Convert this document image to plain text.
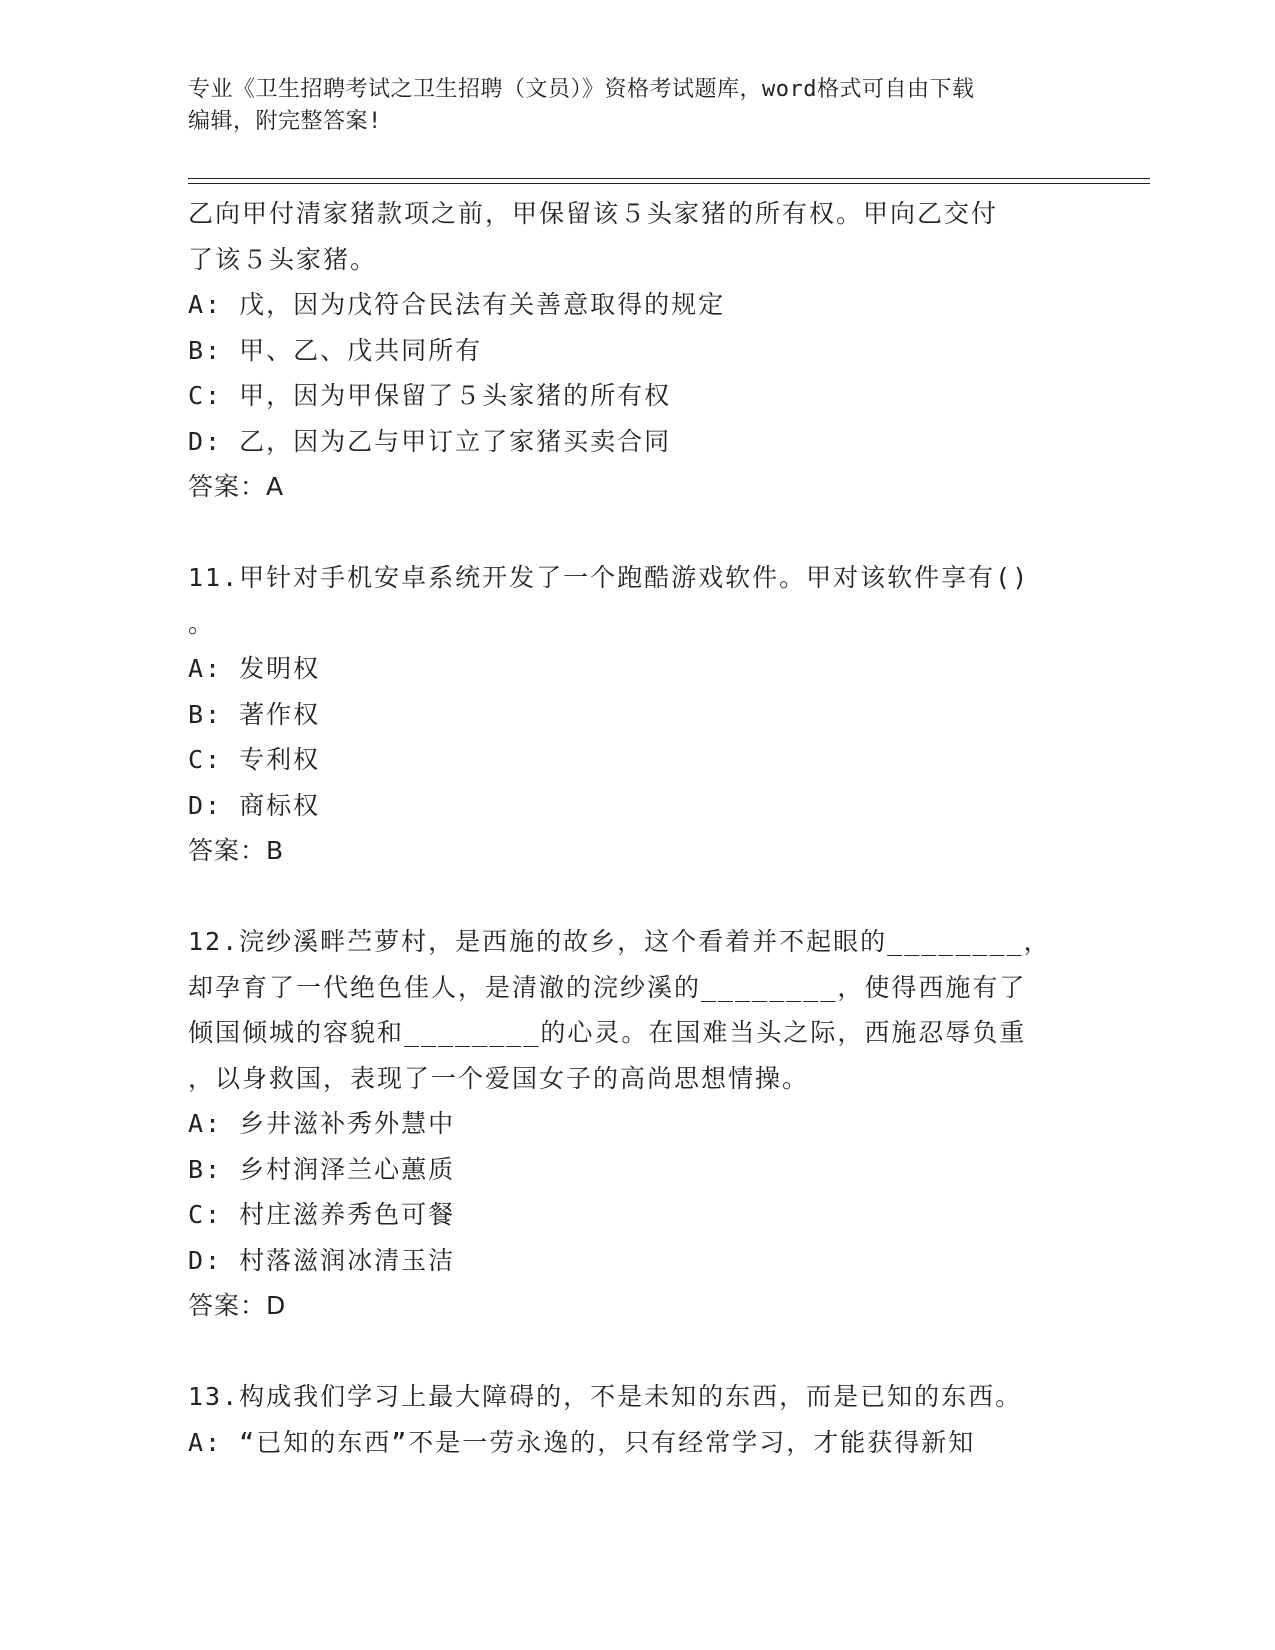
专业《卫生招聘考试之卫生招聘（文员）》资格考试题库，word格式可自由下载
编辑，附完整答案!
乙向甲付清家猪款项之前，甲保留该５头家猪的所有权。甲向乙交付
了该５头家猪。
A: 戊，因为戊符合民法有关善意取得的规定
B: 甲、乙、戊共同所有
C: 甲，因为甲保留了５头家猪的所有权
D: 乙，因为乙与甲订立了家猪买卖合同
答案：A
11.甲针对手机安卓系统开发了一个跑酷游戏软件。甲对该软件享有()
。
A: 发明权
B: 著作权
C: 专利权
D: 商标权
答案：B
12.浣纱溪畔苎萝村，是西施的故乡，这个看着并不起眼的________，
却孕育了一代绝色佳人，是清澈的浣纱溪的________，使得西施有了
倾国倾城的容貌和________的心灵。在国难当头之际，西施忍辱负重
，以身救国，表现了一个爱国女子的高尚思想情操。
A: 乡井滋补秀外慧中
B: 乡村润泽兰心蕙质
C: 村庄滋养秀色可餐
D: 村落滋润冰清玉洁
答案：D
13.构成我们学习上最大障碍的，不是未知的东西，而是已知的东西。
A: “已知的东西”不是一劳永逸的，只有经常学习，才能获得新知
